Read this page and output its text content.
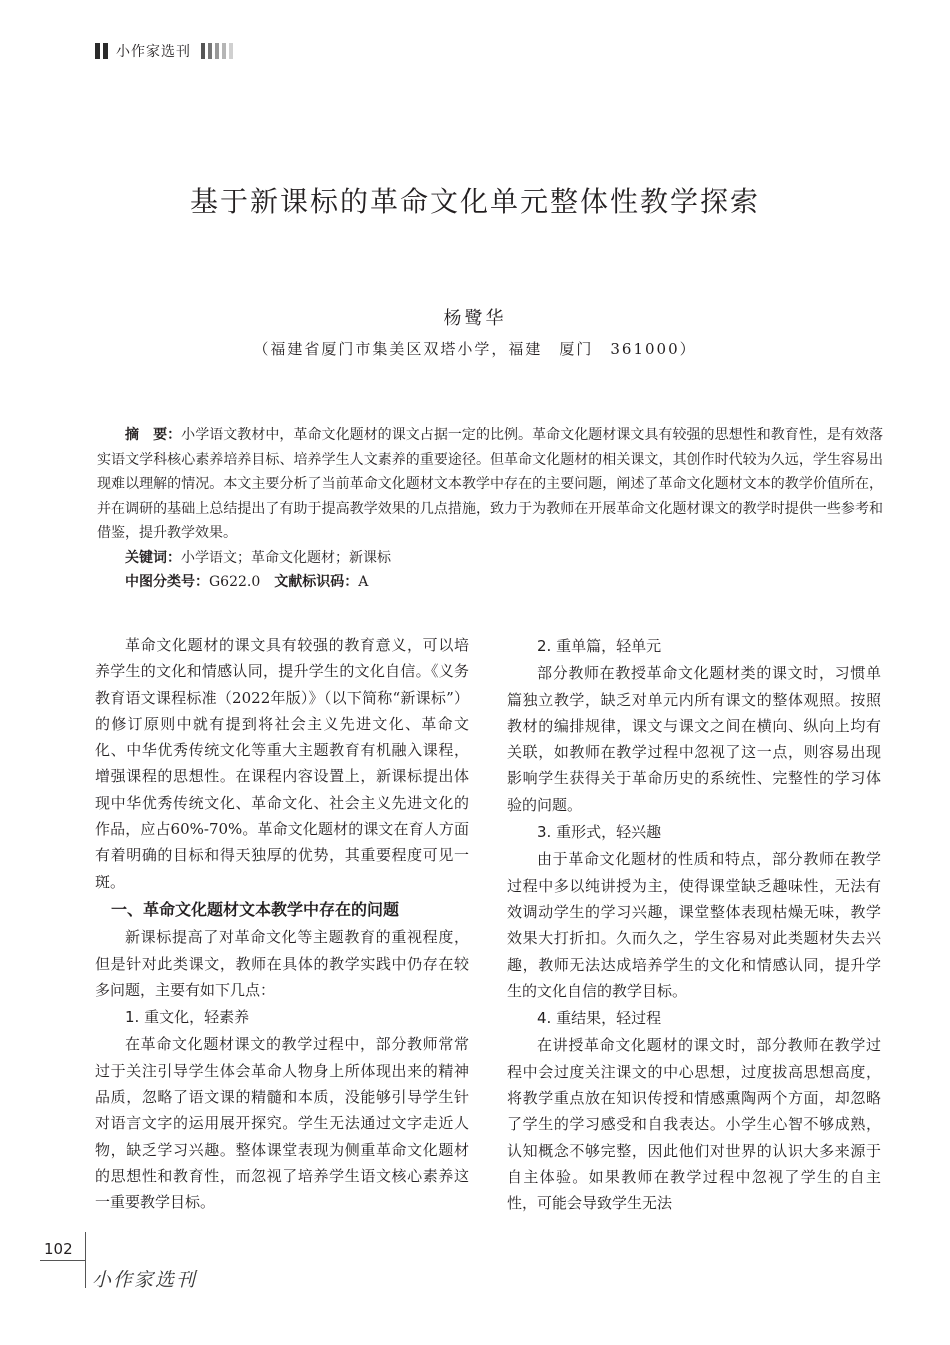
小作家选刊
基于新课标的革命文化单元整体性教学探索
杨鹭华
（福建省厦门市集美区双塔小学，福建　厦门　361000）

摘　要：小学语文教材中，革命文化题材的课文占据一定的比例。革命文化题材课文具有较强的思想性和教育性，是有效落实语文学科核心素养培养目标、培养学生人文素养的重要途径。但革命文化题材的相关课文，其创作时代较为久远，学生容易出现难以理解的情况。本文主要分析了当前革命文化题材文本教学中存在的主要问题，阐述了革命文化题材文本的教学价值所在，并在调研的基础上总结提出了有助于提高教学效果的几点措施，致力于为教师在开展革命文化题材课文的教学时提供一些参考和借鉴，提升教学效果。

关键词：小学语文；革命文化题材；新课标

中图分类号：G622.0　 文献标识码：A

革命文化题材的课文具有较强的教育意义，可以培养学生的文化和情感认同，提升学生的文化自信。《义务教育语文课程标准（2022年版）》（以下简称“新课标”）的修订原则中就有提到将社会主义先进文化、革命文化、中华优秀传统文化等重大主题教育有机融入课程，增强课程的思想性。在课程内容设置上，新课标提出体现中华优秀传统文化、革命文化、社会主义先进文化的作品，应占60%-70%。革命文化题材的课文在育人方面有着明确的目标和得天独厚的优势，其重要程度可见一斑。

一、革命文化题材文本教学中存在的问题

新课标提高了对革命文化等主题教育的重视程度，但是针对此类课文，教师在具体的教学实践中仍存在较多问题，主要有如下几点：

1. 重文化，轻素养

在革命文化题材课文的教学过程中，部分教师常常过于关注引导学生体会革命人物身上所体现出来的精神品质，忽略了语文课的精髓和本质，没能够引导学生针对语言文字的运用展开探究。学生无法通过文字走近人物，缺乏学习兴趣。整体课堂表现为侧重革命文化题材的思想性和教育性，而忽视了培养学生语文核心素养这一重要教学目标。

2. 重单篇，轻单元

部分教师在教授革命文化题材类的课文时，习惯单篇独立教学，缺乏对单元内所有课文的整体观照。按照教材的编排规律，课文与课文之间在横向、纵向上均有关联，如教师在教学过程中忽视了这一点，则容易出现影响学生获得关于革命历史的系统性、完整性的学习体验的问题。

3. 重形式，轻兴趣

由于革命文化题材的性质和特点，部分教师在教学过程中多以纯讲授为主，使得课堂缺乏趣味性，无法有效调动学生的学习兴趣，课堂整体表现枯燥无味，教学效果大打折扣。久而久之，学生容易对此类题材失去兴趣，教师无法达成培养学生的文化和情感认同，提升学生的文化自信的教学目标。

4. 重结果，轻过程

在讲授革命文化题材的课文时，部分教师在教学过程中会过度关注课文的中心思想，过度拔高思想高度，将教学重点放在知识传授和情感熏陶两个方面，却忽略了学生的学习感受和自我表达。小学生心智不够成熟，认知概念不够完整，因此他们对世界的认识大多来源于自主体验。如果教师在教学过程中忽视了学生的自主性，可能会导致学生无法

102
小作家选刊
